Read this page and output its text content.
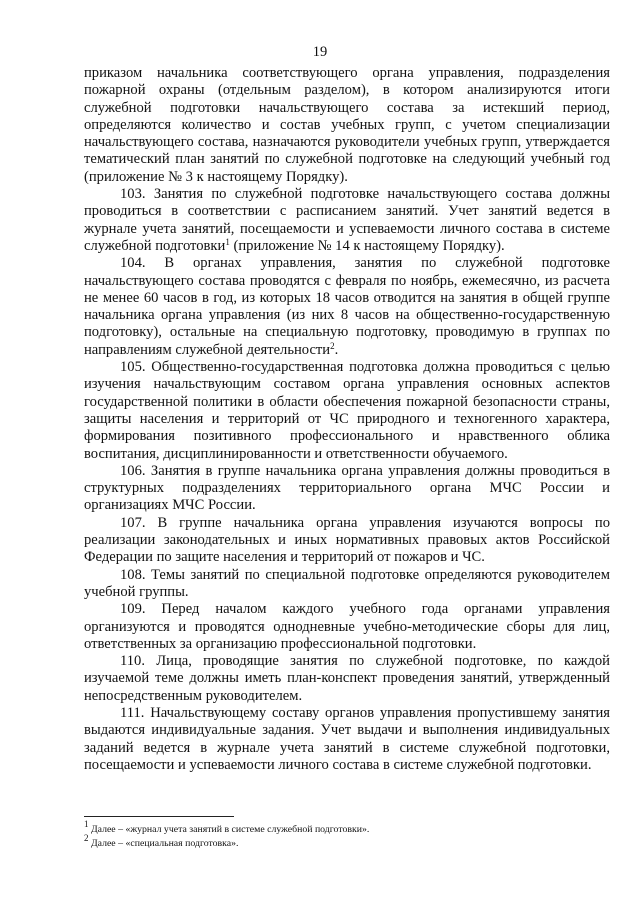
19

приказом начальника соответствующего органа управления, подразделения пожарной охраны (отдельным разделом), в котором анализируются итоги служебной подготовки начальствующего состава за истекший период, определяются количество и состав учебных групп, с учетом специализации начальствующего состава, назначаются руководители учебных групп, утверждается тематический план занятий по служебной подготовке на следующий учебный год (приложение № 3 к настоящему Порядку).

103. Занятия по служебной подготовке начальствующего состава должны проводиться в соответствии с расписанием занятий. Учет занятий ведется в журнале учета занятий, посещаемости и успеваемости личного состава в системе служебной подготовки$^1$ (приложение № 14 к настоящему Порядку).

104. В органах управления, занятия по служебной подготовке начальствующего состава проводятся с февраля по ноябрь, ежемесячно, из расчета не менее 60 часов в год, из которых 18 часов отводится на занятия в общей группе начальника органа управления (из них 8 часов на общественно-государственную подготовку), остальные на специальную подготовку, проводимую в группах по направлениям служебной деятельности$^2$.

105. Общественно-государственная подготовка должна проводиться с целью изучения начальствующим составом органа управления основных аспектов государственной политики в области обеспечения пожарной безопасности страны, защиты населения и территорий от ЧС природного и техногенного характера, формирования позитивного профессионального и нравственного облика воспитания, дисциплинированности и ответственности обучаемого.

106. Занятия в группе начальника органа управления должны проводиться в структурных подразделениях территориального органа МЧС России и организациях МЧС России.

107. В группе начальника органа управления изучаются вопросы по реализации законодательных и иных нормативных правовых актов Российской Федерации по защите населения и территорий от пожаров и ЧС.

108. Темы занятий по специальной подготовке определяются руководителем учебной группы.

109. Перед началом каждого учебного года органами управления организуются и проводятся однодневные учебно-методические сборы для лиц, ответственных за организацию профессиональной подготовки.

110. Лица, проводящие занятия по служебной подготовке, по каждой изучаемой теме должны иметь план-конспект проведения занятий, утвержденный непосредственным руководителем.

111. Начальствующему составу органов управления пропустившему занятия выдаются индивидуальные задания. Учет выдачи и выполнения индивидуальных заданий ведется в журнале учета занятий в системе служебной подготовки, посещаемости и успеваемости личного состава в системе служебной подготовки.

$^1$ Далее – «журнал учета занятий в системе служебной подготовки».
$^2$ Далее – «специальная подготовка».
